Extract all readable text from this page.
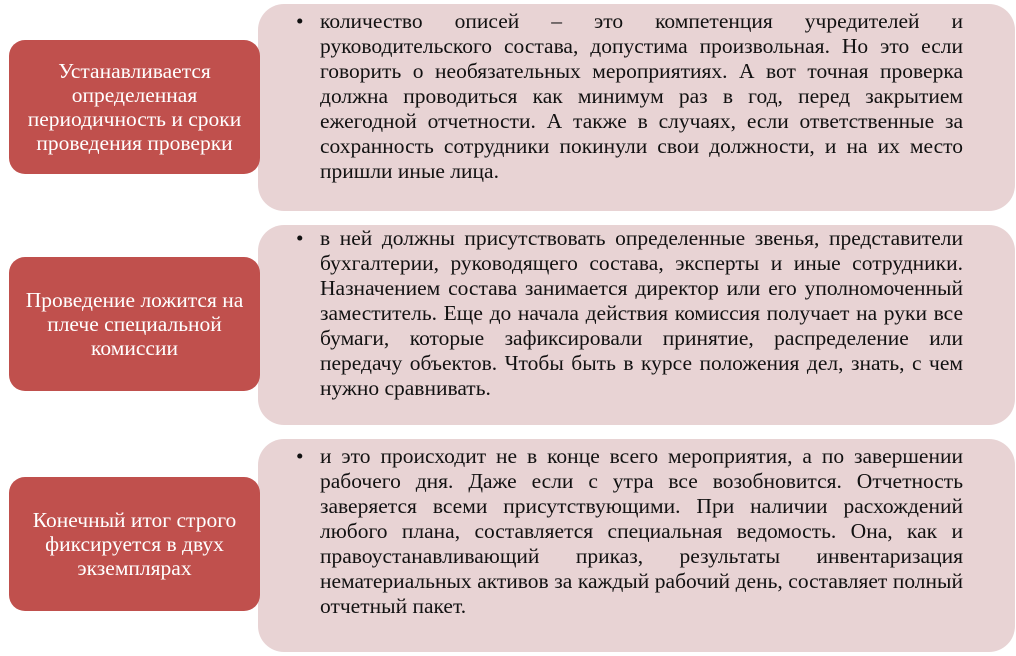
• количество описей – это компетенция учредителей и руководительского состава, допустима произвольная. Но это если говорить о необязательных мероприятиях. А вот точная проверка должна проводиться как минимум раз в год, перед закрытием ежегодной отчетности. А также в случаях, если ответственные за сохранность сотрудники покинули свои должности, и на их место пришли иные лица.
Устанавливается определенная периодичность и сроки проведения проверки
• в ней должны присутствовать определенные звенья, представители бухгалтерии, руководящего состава, эксперты и иные сотрудники. Назначением состава занимается директор или его уполномоченный заместитель. Еще до начала действия комиссия получает на руки все бумаги, которые зафиксировали принятие, распределение или передачу объектов. Чтобы быть в курсе положения дел, знать, с чем нужно сравнивать.
Проведение ложится на плече специальной комиссии
• и это происходит не в конце всего мероприятия, а по завершении рабочего дня. Даже если с утра все возобновится. Отчетность заверяется всеми присутствующими. При наличии расхождений любого плана, составляется специальная ведомость. Она, как и правоустанавливающий приказ, результаты инвентаризация нематериальных активов за каждый рабочий день, составляет полный отчетный пакет.
Конечный итог строго фиксируется в двух экземплярах
